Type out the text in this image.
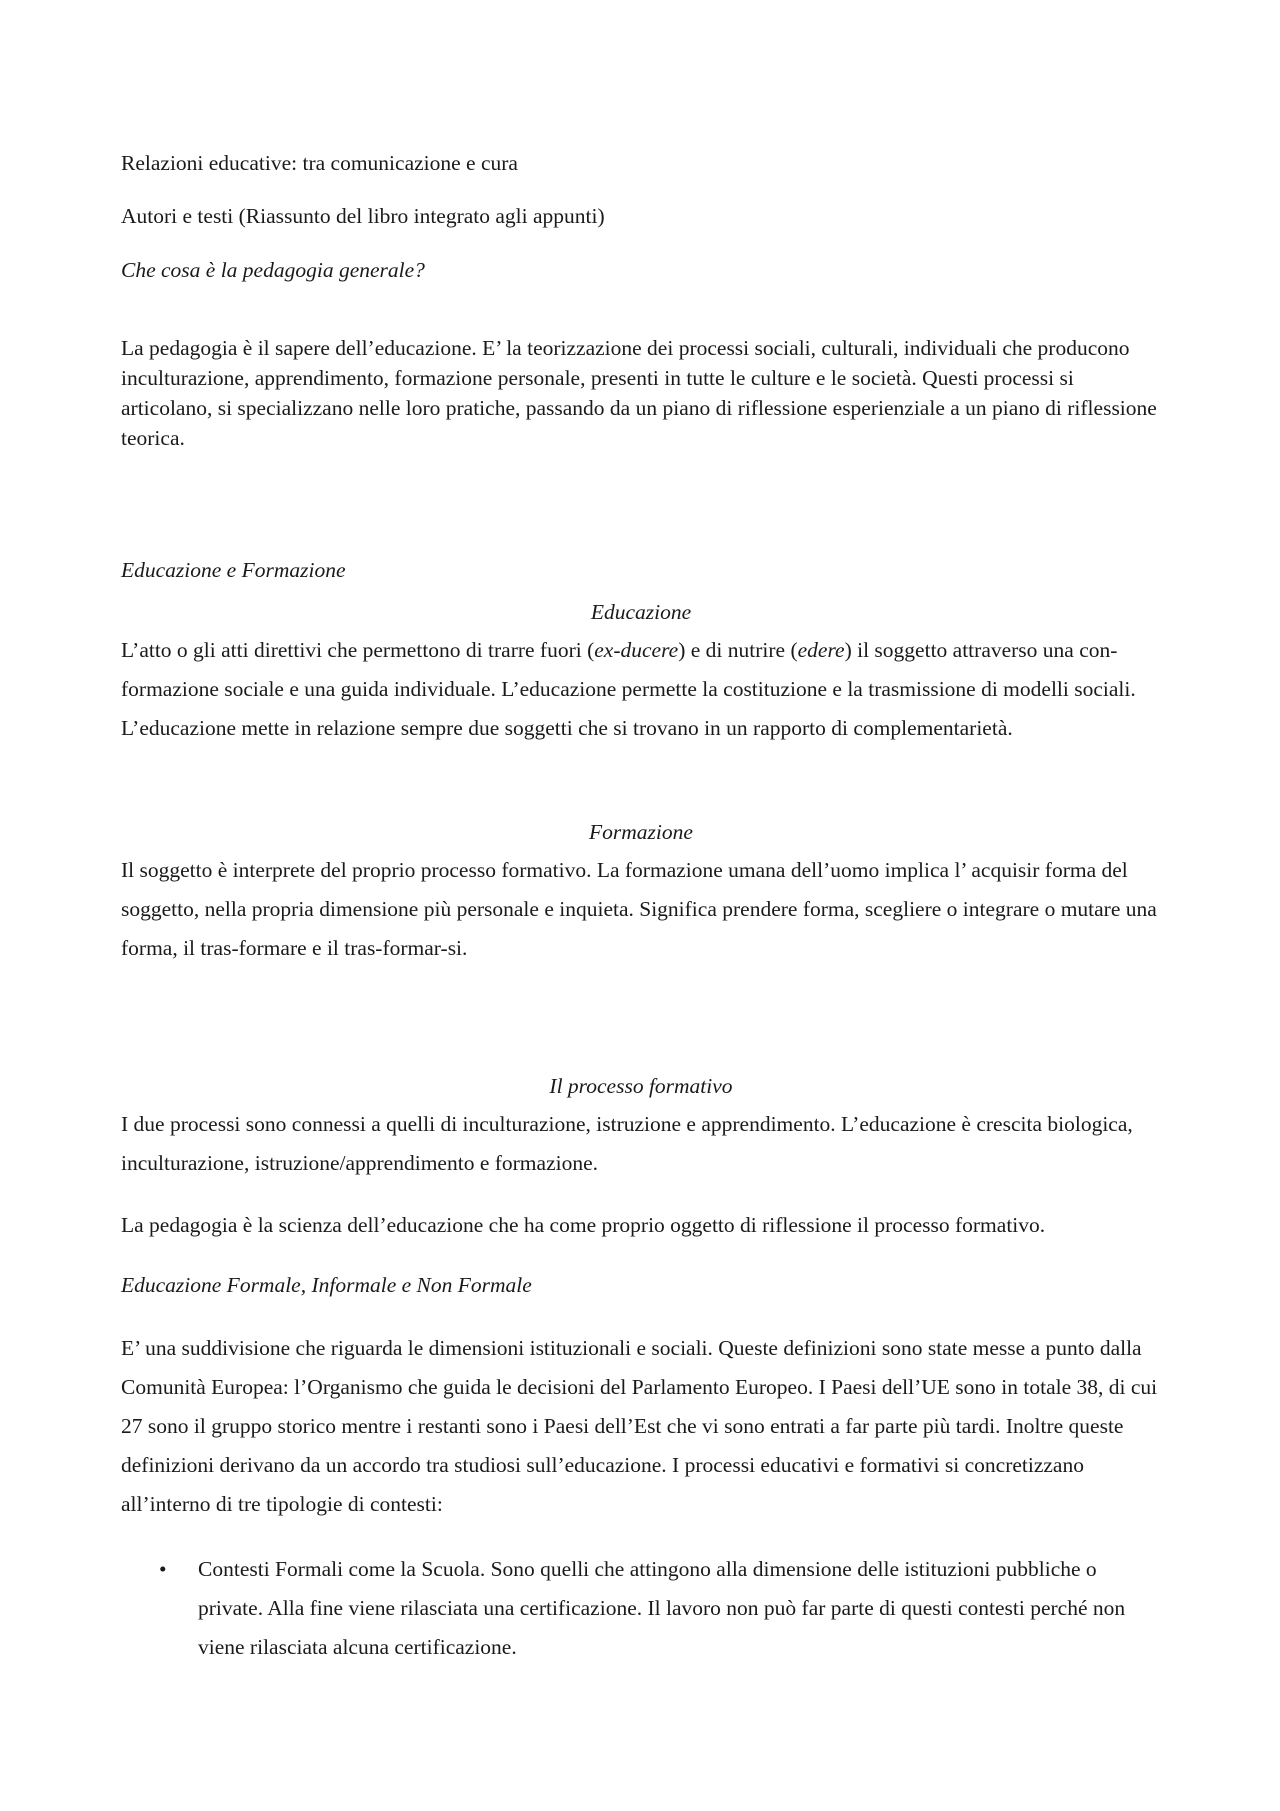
Relazioni educative: tra comunicazione e cura

Autori e testi (Riassunto del libro integrato agli appunti)

Che cosa è la pedagogia generale?

La pedagogia è il sapere dell’educazione. E’ la teorizzazione dei processi sociali, culturali, individuali che producono inculturazione, apprendimento, formazione personale, presenti in tutte le culture e le società. Questi processi si articolano, si specializzano nelle loro pratiche, passando da un piano di riflessione esperienziale a un piano di riflessione teorica.

Educazione e Formazione

Educazione

L’atto o gli atti direttivi che permettono di trarre fuori (ex-ducere) e di nutrire (edere) il soggetto attraverso una con-formazione sociale e una guida individuale. L’educazione permette la costituzione e la trasmissione di modelli sociali. L’educazione mette in relazione sempre due soggetti che si trovano in un rapporto di complementarietà.

Formazione

Il soggetto è interprete del proprio processo formativo. La formazione umana dell’uomo implica l’ acquisir forma del soggetto, nella propria dimensione più personale e inquieta. Significa prendere forma, scegliere o integrare o mutare una forma, il tras-formare e il tras-formar-si.

Il processo formativo

I due processi sono connessi a quelli di inculturazione, istruzione e apprendimento. L’educazione è crescita biologica, inculturazione, istruzione/apprendimento e formazione.

La pedagogia è la scienza dell’educazione che ha come proprio oggetto di riflessione il processo formativo.

Educazione Formale, Informale e Non Formale

E’ una suddivisione che riguarda le dimensioni istituzionali e sociali. Queste definizioni sono state messe a punto dalla Comunità Europea: l’Organismo che guida le decisioni del Parlamento Europeo. I Paesi dell’UE sono in totale 38, di cui 27 sono il gruppo storico mentre i restanti sono i Paesi dell’Est che vi sono entrati a far parte più tardi. Inoltre queste definizioni derivano da un accordo tra studiosi sull’educazione. I processi educativi e formativi si concretizzano all’interno di tre tipologie di contesti:

• Contesti Formali come la Scuola. Sono quelli che attingono alla dimensione delle istituzioni pubbliche o private. Alla fine viene rilasciata una certificazione. Il lavoro non può far parte di questi contesti perché non viene rilasciata alcuna certificazione.
